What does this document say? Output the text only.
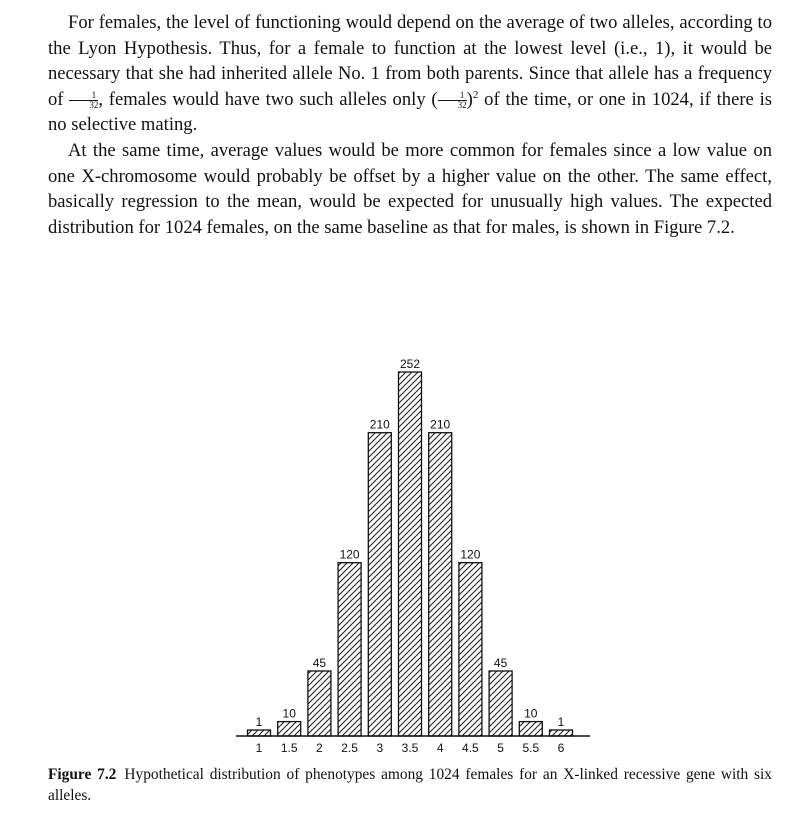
For females, the level of functioning would depend on the average of two alleles, according to the Lyon Hypothesis. Thus, for a female to function at the lowest level (i.e., 1), it would be necessary that she had inherited allele No. 1 from both parents. Since that allele has a frequency of $\frac{1}{32}$ , females would have two such alleles only ( $\frac{1}{32} )^2$ of the time, or one in 1024, if there is no selective mating.

At the same time, average values would be more common for females since a low value on one X-chromosome would probably be offset by a higher value on the other. The same effect, basically regression to the mean, would be expected for unusually high values. The expected distribution for 1024 females, on the same baseline as that for males, is shown in Figure 7.2.

1
10
45
120
210
252
210
120
45
10
1
1 1.5 2 2.5 3 3.5 4 4.5 5 5.5 6

Figure 7.2 Hypothetical distribution of phenotypes among 1024 females for an X-linked recessive gene with six alleles.
